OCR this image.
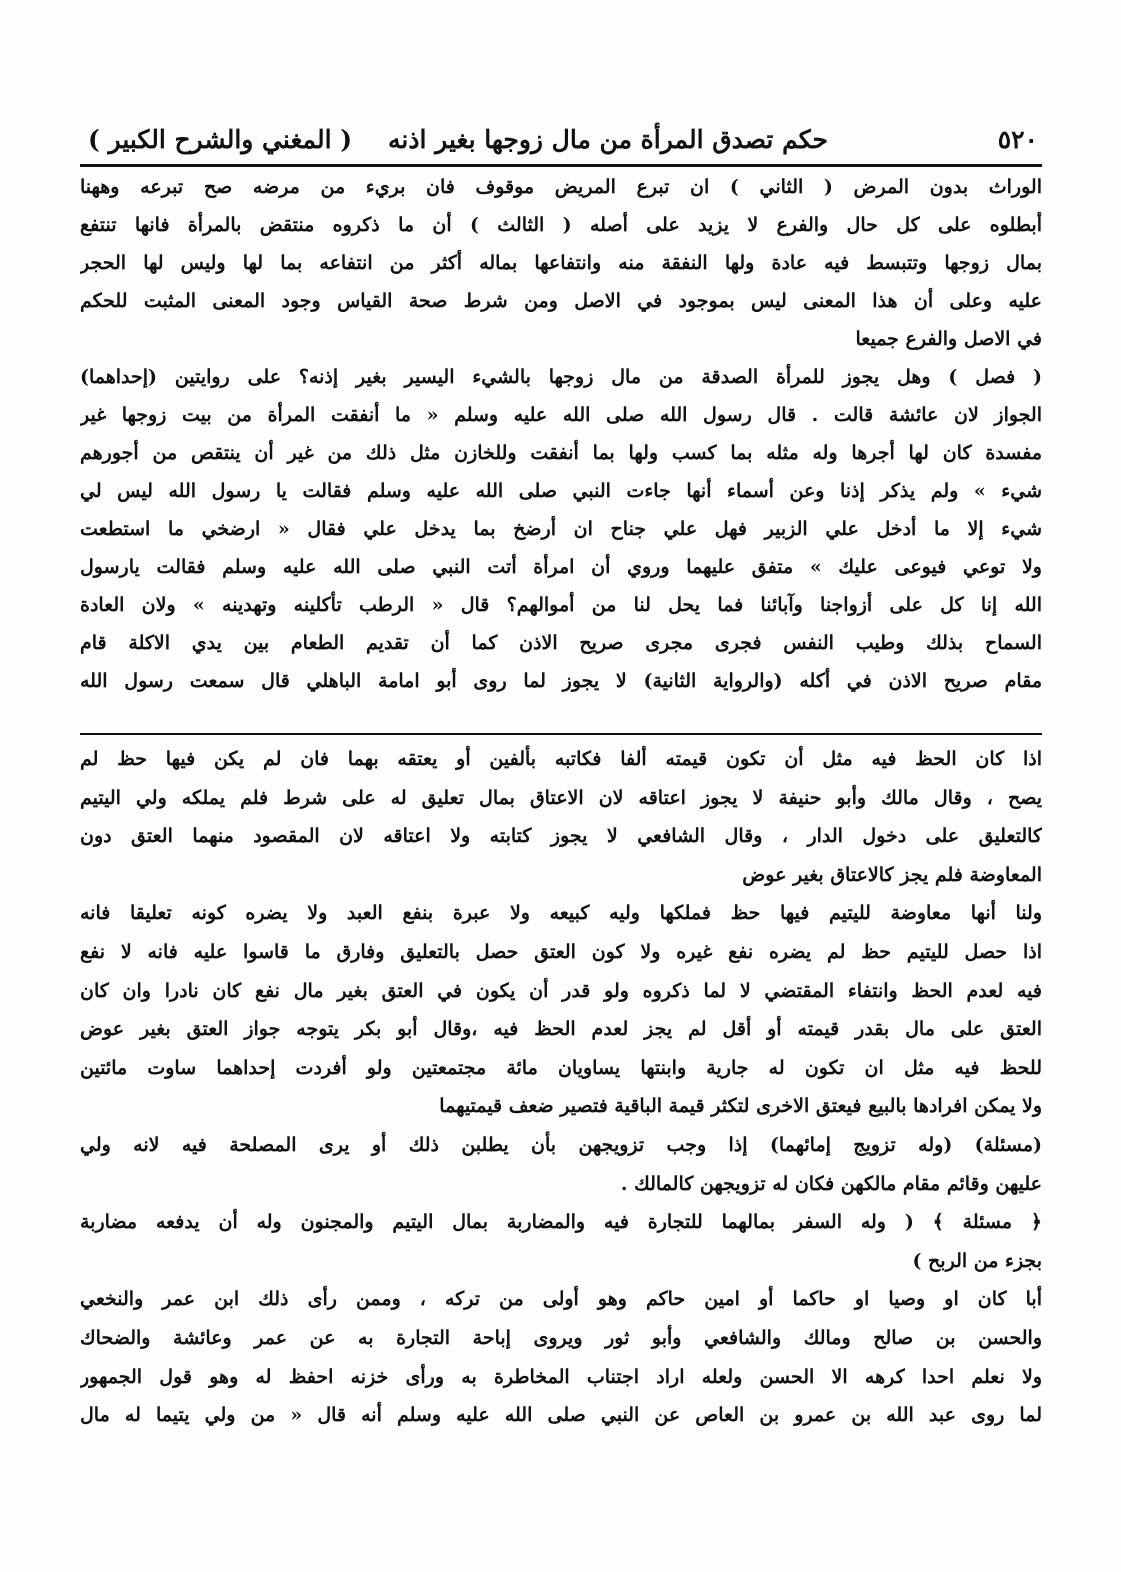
٥٢٠
حكم تصدق المرأة من مال زوجها بغير اذنه
( المغني والشرح الكبير )
الوراث بدون المرض ( الثاني ) ان تبرع المريض موقوف فان بريء من مرضه صح تبرعه وههنا
أبطلوه على كل حال والفرع لا يزيد على أصله ( الثالث ) أن ما ذكروه منتقض بالمرأة فانها تنتفع
بمال زوجها وتتبسط فيه عادة ولها النفقة منه وانتفاعها بماله أكثر من انتفاعه بما لها وليس لها الحجر
عليه وعلى أن هذا المعنى ليس بموجود في الاصل ومن شرط صحة القياس وجود المعنى المثبت للحكم
في الاصل والفرع جميعا
( فصل ) وهل يجوز للمرأة الصدقة من مال زوجها بالشيء اليسير بغير إذنه؟ على روايتين (إحداهما)
الجواز لان عائشة قالت . قال رسول الله صلى الله عليه وسلم « ما أنفقت المرأة من بيت زوجها غير
مفسدة كان لها أجرها وله مثله بما كسب ولها بما أنفقت وللخازن مثل ذلك من غير أن ينتقص من أجورهم
شيء » ولم يذكر إذنا وعن أسماء أنها جاءت النبي صلى الله عليه وسلم فقالت يا رسول الله ليس لي
شيء إلا ما أدخل علي الزبير فهل علي جناح ان أرضخ بما يدخل علي فقال « ارضخي ما استطعت
ولا توعي فيوعى عليك » متفق عليهما وروي أن امرأة أتت النبي صلى الله عليه وسلم فقالت يارسول
الله إنا كل على أزواجنا وآبائنا فما يحل لنا من أموالهم؟ قال « الرطب تأكلينه وتهدينه » ولان العادة
السماح بذلك وطيب النفس فجرى مجرى صريح الاذن كما أن تقديم الطعام بين يدي الاكلة قام
مقام صريح الاذن في أكله (والرواية الثانية) لا يجوز لما روى أبو امامة الباهلي قال سمعت رسول الله
اذا كان الحظ فيه مثل أن تكون قيمته ألفا فكاتبه بألفين أو يعتقه بهما فان لم يكن فيها حظ لم
يصح ، وقال مالك وأبو حنيفة لا يجوز اعتاقه لان الاعتاق بمال تعليق له على شرط فلم يملكه ولي اليتيم
كالتعليق على دخول الدار ، وقال الشافعي لا يجوز كتابته ولا اعتاقه لان المقصود منهما العتق دون
المعاوضة فلم يجز كالاعتاق بغير عوض
ولنا أنها معاوضة لليتيم فيها حظ فملكها وليه كبيعه ولا عبرة بنفع العبد ولا يضره كونه تعليقا فانه
اذا حصل لليتيم حظ لم يضره نفع غيره ولا كون العتق حصل بالتعليق وفارق ما قاسوا عليه فانه لا نفع
فيه لعدم الحظ وانتفاء المقتضي لا لما ذكروه ولو قدر أن يكون في العتق بغير مال نفع كان نادرا وان كان
العتق على مال بقدر قيمته أو أقل لم يجز لعدم الحظ فيه ،وقال أبو بكر يتوجه جواز العتق بغير عوض
للحظ فيه مثل ان تكون له جارية وابنتها يساويان مائة مجتمعتين ولو أفردت إحداهما ساوت مائتين
ولا يمكن افرادها بالبيع فيعتق الاخرى لتكثر قيمة الباقية فتصير ضعف قيمتيهما
(مسئلة) (وله تزويج إمائهما) إذا وجب تزويجهن بأن يطلبن ذلك أو يرى المصلحة فيه لانه ولي
عليهن وقائم مقام مالكهن فكان له تزويجهن كالمالك .
﴿ مسئلة ﴾ ( وله السفر بمالهما للتجارة فيه والمضاربة بمال اليتيم والمجنون وله أن يدفعه مضاربة
بجزء من الربح )
أبا كان او وصيا او حاكما أو امين حاكم وهو أولى من تركه ، وممن رأى ذلك ابن عمر والنخعي
والحسن بن صالح ومالك والشافعي وأبو ثور ويروى إباحة التجارة به عن عمر وعائشة والضحاك
ولا نعلم احدا كرهه الا الحسن ولعله اراد اجتناب المخاطرة به ورأى خزنه احفظ له وهو قول الجمهور
لما روى عبد الله بن عمرو بن العاص عن النبي صلى الله عليه وسلم أنه قال « من ولي يتيما له مال
